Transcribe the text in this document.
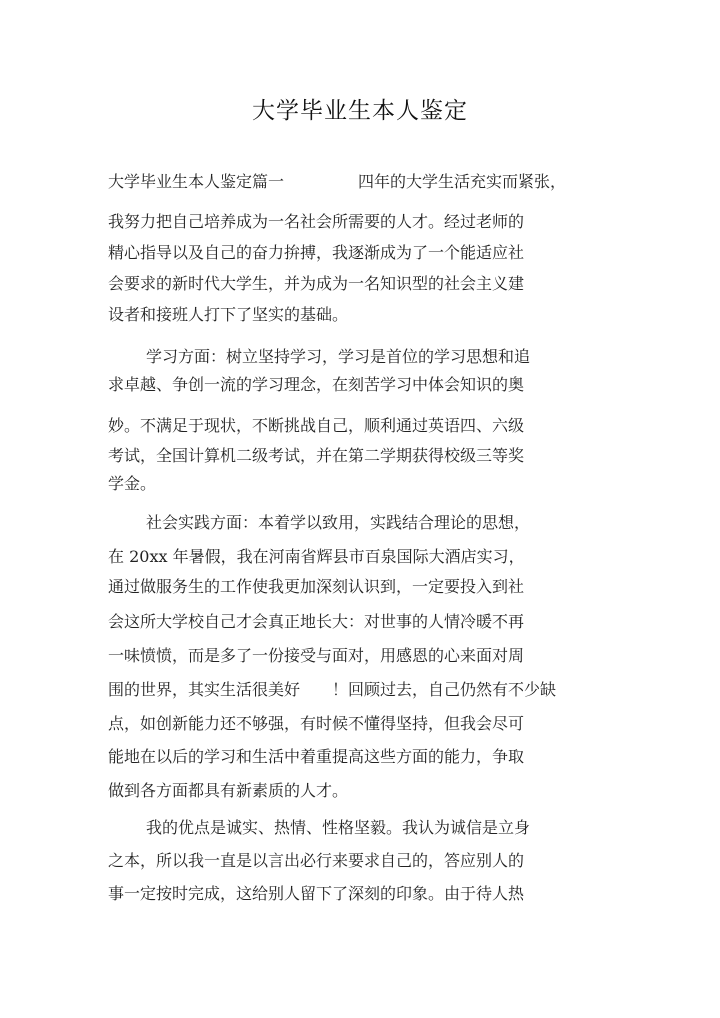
大学毕业生本人鉴定
大学毕业生本人鉴定篇一	四年的大学生活充实而紧张，
我努力把自己培养成为一名社会所需要的人才。经过老师的
精心指导以及自己的奋力拚搏，我逐渐成为了一个能适应社
会要求的新时代大学生，并为成为一名知识型的社会主义建
设者和接班人打下了坚实的基础。
学习方面：树立坚持学习，学习是首位的学习思想和追
求卓越、争创一流的学习理念，在刻苦学习中体会知识的奥
妙。不满足于现状，不断挑战自己，顺利通过英语四、六级
考试，全国计算机二级考试，并在第二学期获得校级三等奖
学金。
社会实践方面：本着学以致用，实践结合理论的思想，
在 20xx 年暑假，我在河南省辉县市百泉国际大酒店实习，
通过做服务生的工作使我更加深刻认识到，一定要投入到社
会这所大学校自己才会真正地长大：对世事的人情冷暖不再
一味愤愤，而是多了一份接受与面对，用感恩的心来面对周
围的世界，其实生活很美好　　！回顾过去，自己仍然有不少缺
点，如创新能力还不够强，有时候不懂得坚持，但我会尽可
能地在以后的学习和生活中着重提高这些方面的能力，争取
做到各方面都具有新素质的人才。
我的优点是诚实、热情、性格坚毅。我认为诚信是立身
之本，所以我一直是以言出必行来要求自己的，答应别人的
事一定按时完成，这给别人留下了深刻的印象。由于待人热
